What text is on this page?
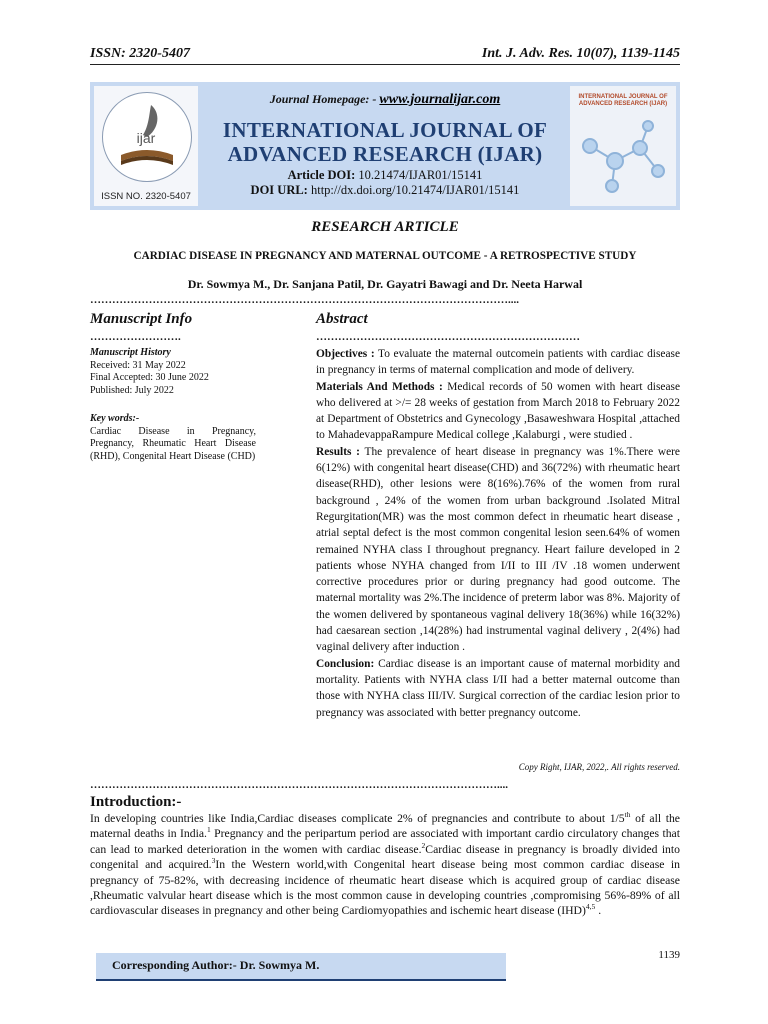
ISSN: 2320-5407	Int. J. Adv. Res. 10(07), 1139-1145
ijar
ISSN NO. 2320-5407
Journal Homepage: - www.journalijar.com
INTERNATIONAL JOURNAL OF
ADVANCED RESEARCH (IJAR)
Article DOI: 10.21474/IJAR01/15141
DOI URL: http://dx.doi.org/10.21474/IJAR01/15141
INTERNATIONAL JOURNAL OF ADVANCED RESEARCH (IJAR)
RESEARCH ARTICLE
CARDIAC DISEASE IN PREGNANCY AND MATERNAL OUTCOME - A RETROSPECTIVE STUDY
Dr. Sowmya M., Dr. Sanjana Patil, Dr. Gayatri Bawagi and Dr. Neeta Harwal
……………………………………………………………………………………………………....
Manuscript Info
…………………….
Manuscript History
Received: 31 May 2022
Final Accepted: 30 June 2022
Published: July 2022
Key words:-
Cardiac Disease in Pregnancy, Pregnancy, Rheumatic Heart Disease (RHD), Congenital Heart Disease (CHD)
Abstract
………………………………………………………………

Objectives : To evaluate the maternal outcomein patients with cardiac disease in pregnancy in terms of maternal complication and mode of delivery.

Materials And Methods : Medical records of 50 women with heart disease who delivered at >/= 28 weeks of gestation from March 2018 to February 2022 at Department of Obstetrics and Gynecology ,Basaweshwara Hospital ,attached to MahadevappaRampure Medical college ,Kalaburgi , were studied .

Results : The prevalence of heart disease in pregnancy was 1%.There were 6(12%) with congenital heart disease(CHD) and 36(72%) with rheumatic heart disease(RHD), other lesions were 8(16%).76% of the women from rural background , 24% of the women from urban background .Isolated Mitral Regurgitation(MR) was the most common defect in rheumatic heart disease , atrial septal defect is the most common congenital lesion seen.64% of women remained NYHA class I throughout pregnancy. Heart failure developed in 2 patients whose NYHA changed from I/II to III /IV .18 women underwent corrective procedures prior or during pregnancy had good outcome. The maternal mortality was 2%.The incidence of preterm labor was 8%. Majority of the women delivered by spontaneous vaginal delivery 18(36%) while 16(32%) had caesarean section ,14(28%) had instrumental vaginal delivery , 2(4%) had vaginal delivery after induction .

Conclusion: Cardiac disease is an important cause of maternal morbidity and mortality. Patients with NYHA class I/II had a better maternal outcome than those with NYHA class III/IV. Surgical correction of the cardiac lesion prior to pregnancy was associated with better pregnancy outcome.

Copy Right, IJAR, 2022,. All rights reserved.
…………………………………………………………………………………………………....
Introduction:-
In developing countries like India,Cardiac diseases complicate 2% of pregnancies and contribute to about 1/5th of all the maternal deaths in India.$^1$ Pregnancy and the peripartum period are associated with important cardio circulatory changes that can lead to marked deterioration in the women with cardiac disease.$^2$Cardiac disease in pregnancy is broadly divided into congenital and acquired.$^3$In the Western world,with Congenital heart disease being most common cardiac disease in pregnancy of 75-82%, with decreasing incidence of rheumatic heart disease which is acquired group of cardiac disease ,Rheumatic valvular heart disease which is the most common cause in developing countries ,compromising 56%-89% of all cardiovascular diseases in pregnancy and other being Cardiomyopathies and ischemic heart disease (IHD)$^{4,5}$ .
1139
Corresponding Author:- Dr. Sowmya M.
